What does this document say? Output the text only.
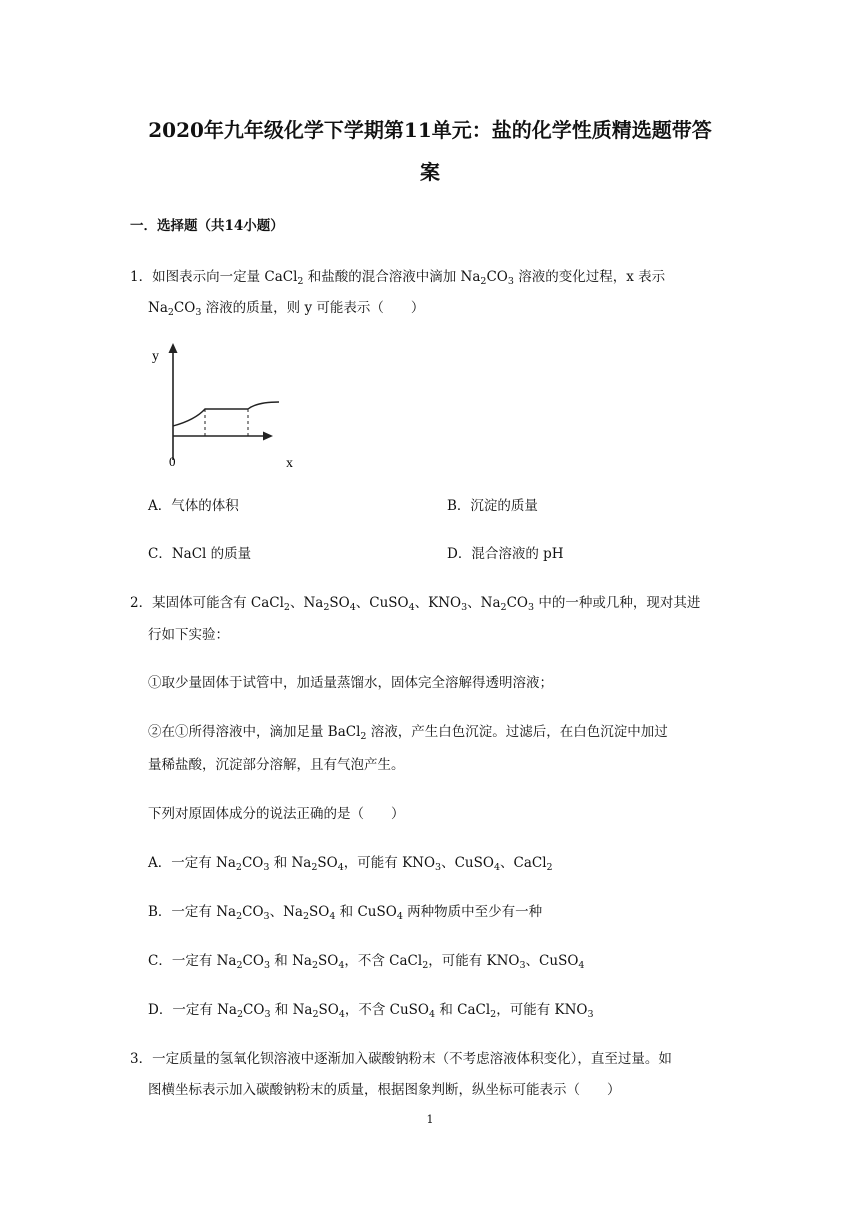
2020年九年级化学下学期第11单元：盐的化学性质精选题带答
案
一．选择题（共14小题）
1．如图表示向一定量 CaCl$_2$ 和盐酸的混合溶液中滴加 $Na_2CO_3$ 溶液的变化过程，x 表示
$Na_2CO_3$ 溶液的质量，则 y 可能表示（　　）
y
0	x
A．气体的体积	B．沉淀的质量
C．NaCl 的质量	D．混合溶液的 pH
2．某固体可能含有 CaCl$_2$、$Na_2SO_4$、CuSO$_4$、$KNO_3$、$Na_2CO_3$ 中的一种或几种，现对其进
行如下实验：
①取少量固体于试管中，加适量蒸馏水，固体完全溶解得透明溶液；
②在①所得溶液中，滴加足量 BaCl$_2$ 溶液，产生白色沉淀。过滤后，在白色沉淀中加过
量稀盐酸，沉淀部分溶解，且有气泡产生。
下列对原固体成分的说法正确的是（　　）
A．一定有 $Na_2CO_3$ 和 $Na_2SO_4$，可能有 $KNO_3$、CuSO$_4$、CaCl$_2$
B．一定有 $Na_2CO_3$、$Na_2SO_4$ 和 CuSO$_4$ 两种物质中至少有一种
C．一定有 $Na_2CO_3$ 和 $Na_2SO_4$，不含 CaCl$_2$，可能有 $KNO_3$、CuSO$_4$
D．一定有 $Na_2CO_3$ 和 $Na_2SO_4$，不含 CuSO$_4$ 和 CaCl$_2$，可能有 $KNO_3$
3．一定质量的氢氧化钡溶液中逐渐加入碳酸钠粉末（不考虑溶液体积变化），直至过量。如
图横坐标表示加入碳酸钠粉末的质量，根据图象判断，纵坐标可能表示（　　）
1
